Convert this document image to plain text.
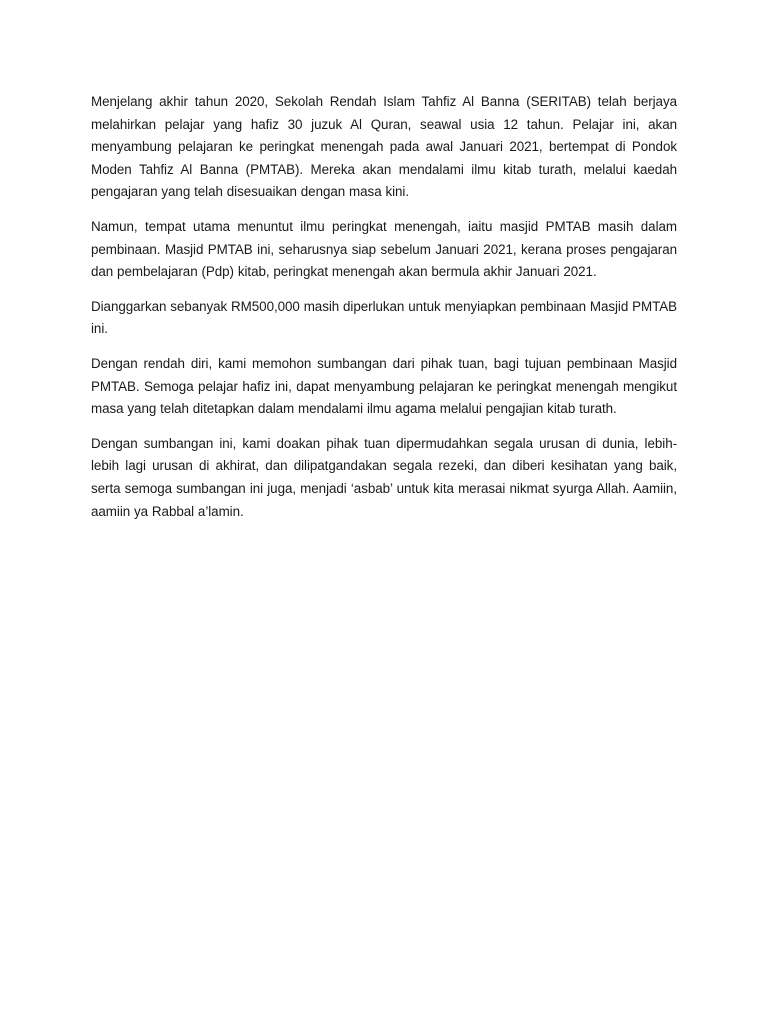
Menjelang akhir tahun 2020, Sekolah Rendah Islam Tahfiz Al Banna (SERITAB) telah berjaya melahirkan pelajar yang hafiz 30 juzuk Al Quran, seawal usia 12 tahun. Pelajar ini, akan menyambung pelajaran ke peringkat menengah pada awal Januari 2021, bertempat di Pondok Moden Tahfiz Al Banna (PMTAB). Mereka akan mendalami ilmu kitab turath, melalui kaedah pengajaran yang telah disesuaikan dengan masa kini.

Namun, tempat utama menuntut ilmu peringkat menengah, iaitu masjid PMTAB masih dalam pembinaan. Masjid PMTAB ini, seharusnya siap sebelum Januari 2021, kerana proses pengajaran dan pembelajaran (Pdp) kitab, peringkat menengah akan bermula akhir Januari 2021.

Dianggarkan sebanyak RM500,000 masih diperlukan untuk menyiapkan pembinaan Masjid PMTAB ini.

Dengan rendah diri, kami memohon sumbangan dari pihak tuan, bagi tujuan pembinaan Masjid PMTAB. Semoga pelajar hafiz ini, dapat menyambung pelajaran ke peringkat menengah mengikut masa yang telah ditetapkan dalam mendalami ilmu agama melalui pengajian kitab turath.

Dengan sumbangan ini, kami doakan pihak tuan dipermudahkan segala urusan di dunia, lebih-lebih lagi urusan di akhirat, dan dilipatgandakan segala rezeki, dan diberi kesihatan yang baik, serta semoga sumbangan ini juga, menjadi ‘asbab’ untuk kita merasai nikmat syurga Allah. Aamiin, aamiin ya Rabbal a’lamin.
